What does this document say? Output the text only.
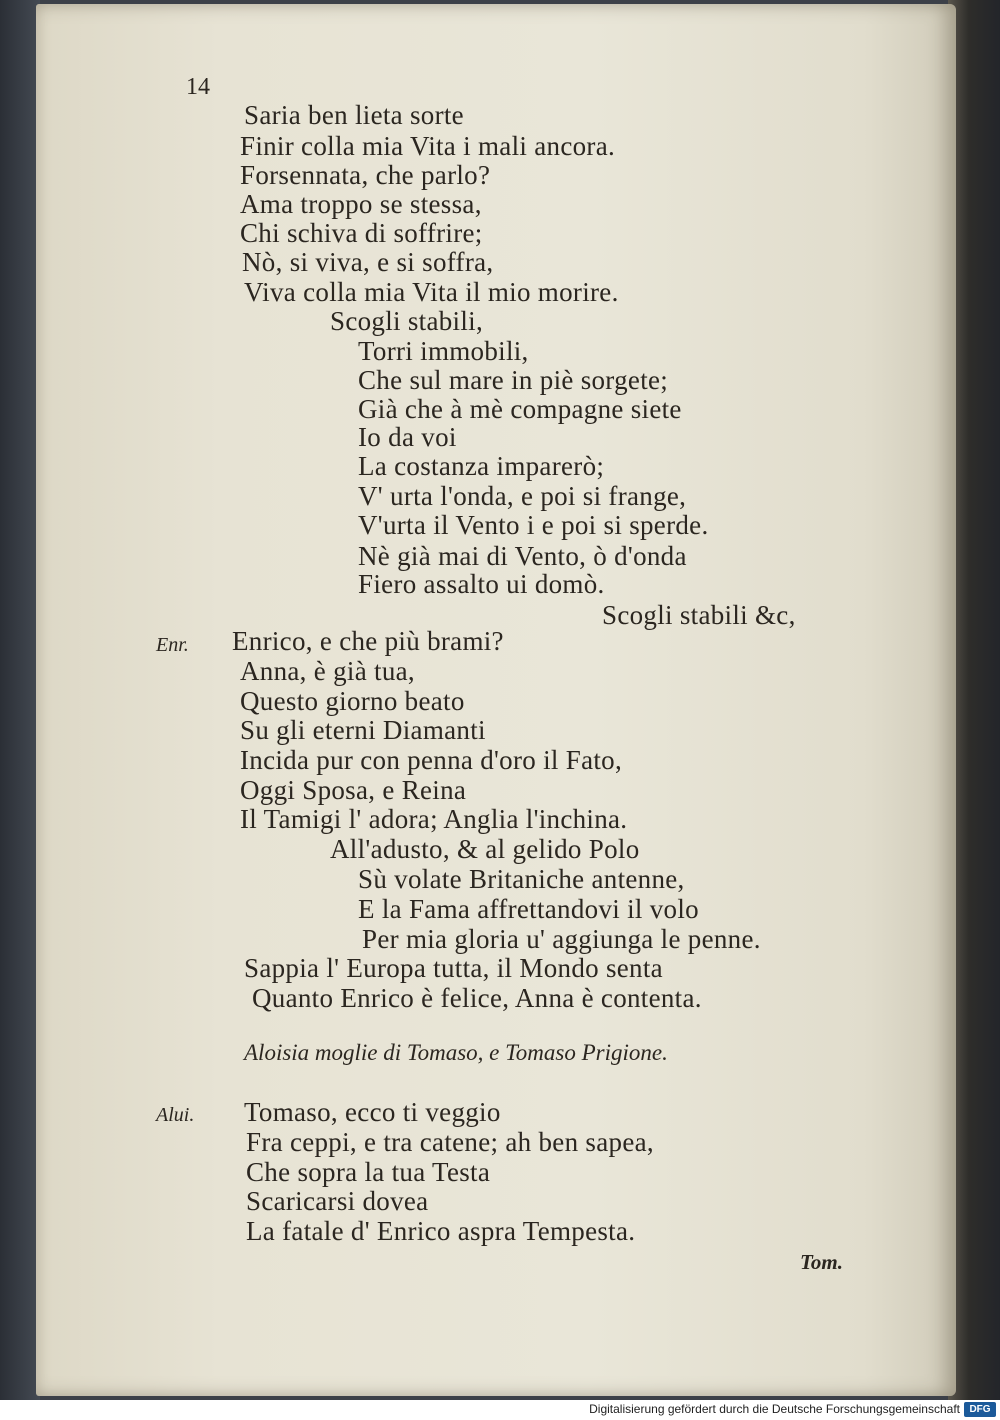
14
Saria ben lieta sorte
Finir colla mia Vita i mali ancora.
Forsennata, che parlo?
Ama troppo se stessa,
Chi schiva di soffrire;
Nò, si viva, e si soffra,
Viva colla mia Vita il mio morire.
Scogli stabili,
Torri immobili,
Che sul mare in piè sorgete;
Già che à mè compagne siete
Io da voi
La costanza imparerò;
V' urta l'onda, e poi si frange,
V'urta il Vento i e poi si sperde.
Nè già mai di Vento, ò d'onda
Fiero assalto ui domò.
Scogli stabili &c,
Enr. Enrico, e che più brami?
Anna, è già tua,
Questo giorno beato
Su gli eterni Diamanti
Incida pur con penna d'oro il Fato,
Oggi Sposa, e Reina
Il Tamigi l' adora; Anglia l'inchina.
All'adusto, & al gelido Polo
Sù volate Britaniche antenne,
E la Fama affrettandovi il volo
Per mia gloria u' aggiunga le penne.
Sappia l' Europa tutta, il Mondo senta
Quanto Enrico è felice, Anna è contenta.
Aloisia moglie di Tomaso, e Tomaso Prigione.
Alui. Tomaso, ecco ti veggio
Fra ceppi, e tra catene; ah ben sapea,
Che sopra la tua Testa
Scaricarsi dovea
La fatale d' Enrico aspra Tempesta.
Tom.
Digitalisierung gefördert durch die Deutsche Forschungsgemeinschaft DFG
